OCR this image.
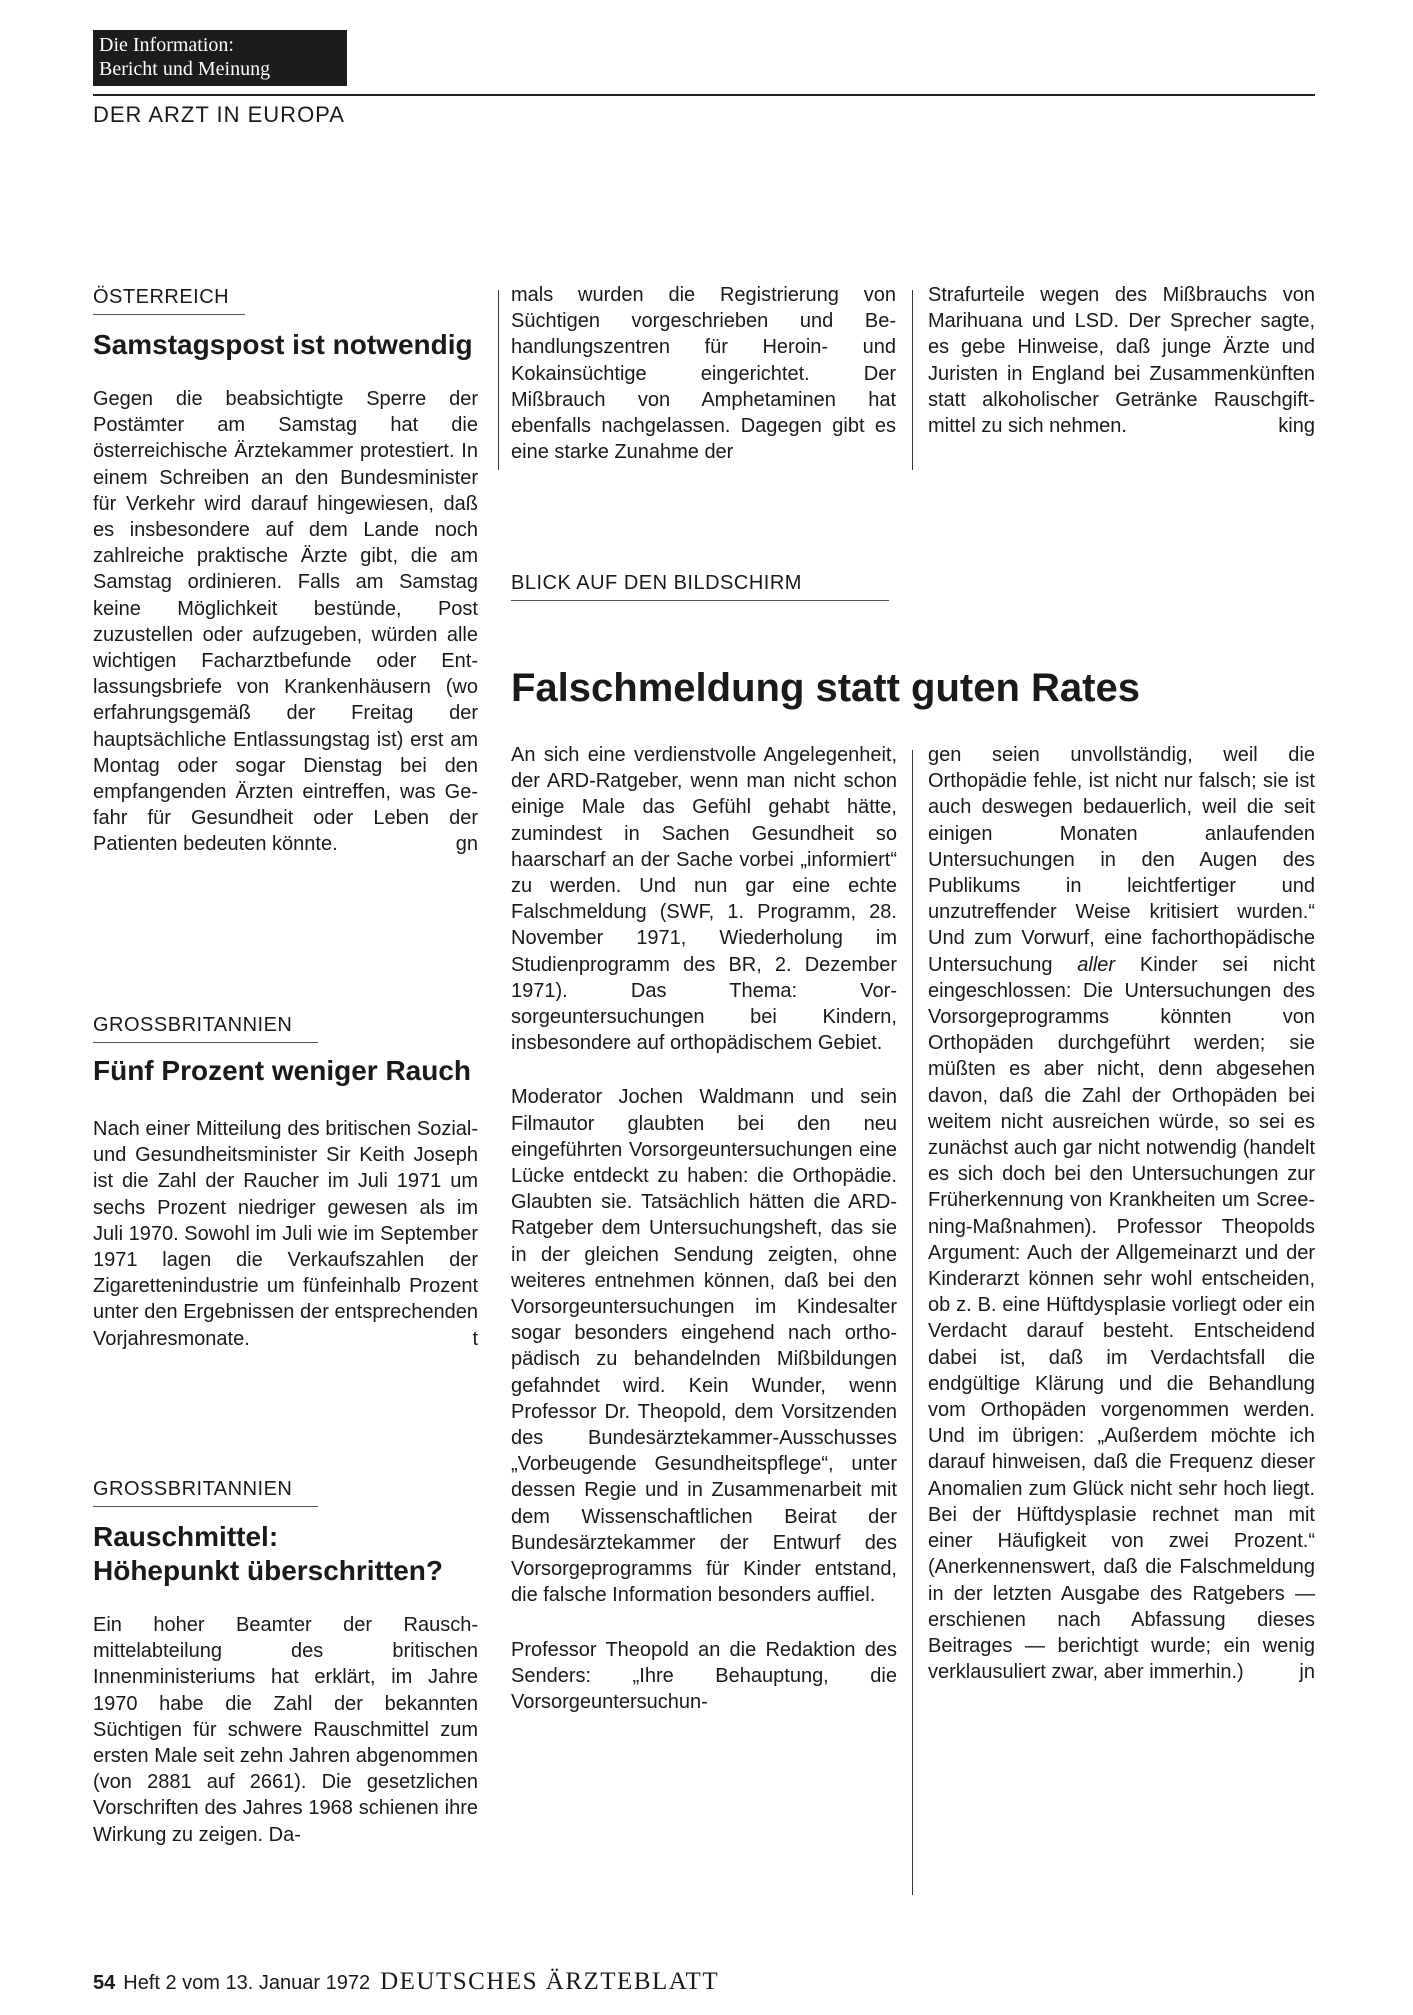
Die Information:
Bericht und Meinung
DER ARZT IN EUROPA
ÖSTERREICH
Samstagspost ist notwendig

Gegen die beabsichtigte Sperre der Postämter am Samstag hat die österreichische Ärztekammer protestiert. In einem Schreiben an den Bundesminister für Verkehr wird darauf hingewiesen, daß es insbesondere auf dem Lande noch zahlreiche praktische Ärzte gibt, die am Samstag ordinieren. Falls am Samstag keine Möglichkeit bestünde, Post zuzustellen oder aufzugeben, würden alle wichtigen Facharztbefunde oder Entlassungsbriefe von Krankenhäusern (wo erfahrungsgemäß der Freitag der hauptsächliche Entlassungstag ist) erst am Montag oder sogar Dienstag bei den empfangenden Ärzten eintreffen, was Gefahr für Gesundheit oder Leben der Patienten bedeuten könnte.	gn

GROSSBRITANNIEN
Fünf Prozent weniger Rauch

Nach einer Mitteilung des britischen Sozial- und Gesundheitsminister Sir Keith Joseph ist die Zahl der Raucher im Juli 1971 um sechs Prozent niedriger gewesen als im Juli 1970. Sowohl im Juli wie im September 1971 lagen die Verkaufszahlen der Zigarettenindustrie um fünfeinhalb Prozent unter den Ergebnissen der entsprechenden Vorjahresmonate.	t

GROSSBRITANNIEN
Rauschmittel:
Höhepunkt überschritten?

Ein hoher Beamter der Rauschmittelabteilung des britischen Innenministeriums hat erklärt, im Jahre 1970 habe die Zahl der bekannten Süchtigen für schwere Rauschmittel zum ersten Male seit zehn Jahren abgenommen (von 2881 auf 2661). Die gesetzlichen Vorschriften des Jahres 1968 schienen ihre Wirkung zu zeigen. Da-

mals wurden die Registrierung von Süchtigen vorgeschrieben und Behandlungszentren für Heroin- und Kokainsüchtige eingerichtet. Der Mißbrauch von Amphetaminen hat ebenfalls nachgelassen. Dagegen gibt es eine starke Zunahme der

Strafurteile wegen des Mißbrauchs von Marihuana und LSD. Der Sprecher sagte, es gebe Hinweise, daß junge Ärzte und Juristen in England bei Zusammenkünften statt alkoholischer Getränke Rauschgiftmittel zu sich nehmen.	king

BLICK AUF DEN BILDSCHIRM
Falschmeldung statt guten Rates

An sich eine verdienstvolle Angelegenheit, der ARD-Ratgeber, wenn man nicht schon einige Male das Gefühl gehabt hätte, zumindest in Sachen Gesundheit so haarscharf an der Sache vorbei „informiert“ zu werden. Und nun gar eine echte Falschmeldung (SWF, 1. Programm, 28. November 1971, Wiederholung im Studienprogramm des BR, 2. Dezember 1971). Das Thema: Vorsorgeuntersuchungen bei Kindern, insbesondere auf orthopädischem Gebiet.

Moderator Jochen Waldmann und sein Filmautor glaubten bei den neu eingeführten Vorsorgeuntersuchungen eine Lücke entdeckt zu haben: die Orthopädie. Glaubten sie. Tatsächlich hätten die ARD-Ratgeber dem Untersuchungsheft, das sie in der gleichen Sendung zeigten, ohne weiteres entnehmen können, daß bei den Vorsorgeuntersuchungen im Kindesalter sogar besonders eingehend nach orthopädisch zu behandelnden Mißbildungen gefahndet wird. Kein Wunder, wenn Professor Dr. Theopold, dem Vorsitzenden des Bundesärztekammer-Ausschusses „Vorbeugende Gesundheitspflege“, unter dessen Regie und in Zusammenarbeit mit dem Wissenschaftlichen Beirat der Bundesärztekammer der Entwurf des Vorsorgeprogramms für Kinder entstand, die falsche Information besonders auffiel.

Professor Theopold an die Redaktion des Senders: „Ihre Behauptung, die Vorsorgeuntersuchun-

gen seien unvollständig, weil die Orthopädie fehle, ist nicht nur falsch; sie ist auch deswegen bedauerlich, weil die seit einigen Monaten anlaufenden Untersuchungen in den Augen des Publikums in leichtfertiger und unzutreffender Weise kritisiert wurden.“ Und zum Vorwurf, eine fachorthopädische Untersuchung aller Kinder sei nicht eingeschlossen: Die Untersuchungen des Vorsorgeprogramms könnten von Orthopäden durchgeführt werden; sie müßten es aber nicht, denn abgesehen davon, daß die Zahl der Orthopäden bei weitem nicht ausreichen würde, so sei es zunächst auch gar nicht notwendig (handelt es sich doch bei den Untersuchungen zur Früherkennung von Krankheiten um Screening-Maßnahmen). Professor Theopolds Argument: Auch der Allgemeinarzt und der Kinderarzt können sehr wohl entscheiden, ob z. B. eine Hüftdysplasie vorliegt oder ein Verdacht darauf besteht. Entscheidend dabei ist, daß im Verdachtsfall die endgültige Klärung und die Behandlung vom Orthopäden vorgenommen werden. Und im übrigen: „Außerdem möchte ich darauf hinweisen, daß die Frequenz dieser Anomalien zum Glück nicht sehr hoch liegt. Bei der Hüftdysplasie rechnet man mit einer Häufigkeit von zwei Prozent.“ (Anerkennenswert, daß die Falschmeldung in der letzten Ausgabe des Ratgebers — erschienen nach Abfassung dieses Beitrages — berichtigt wurde; ein wenig verklausuliert zwar, aber immerhin.)	jn

54 Heft 2 vom 13. Januar 1972 DEUTSCHES ÄRZTEBLATT
